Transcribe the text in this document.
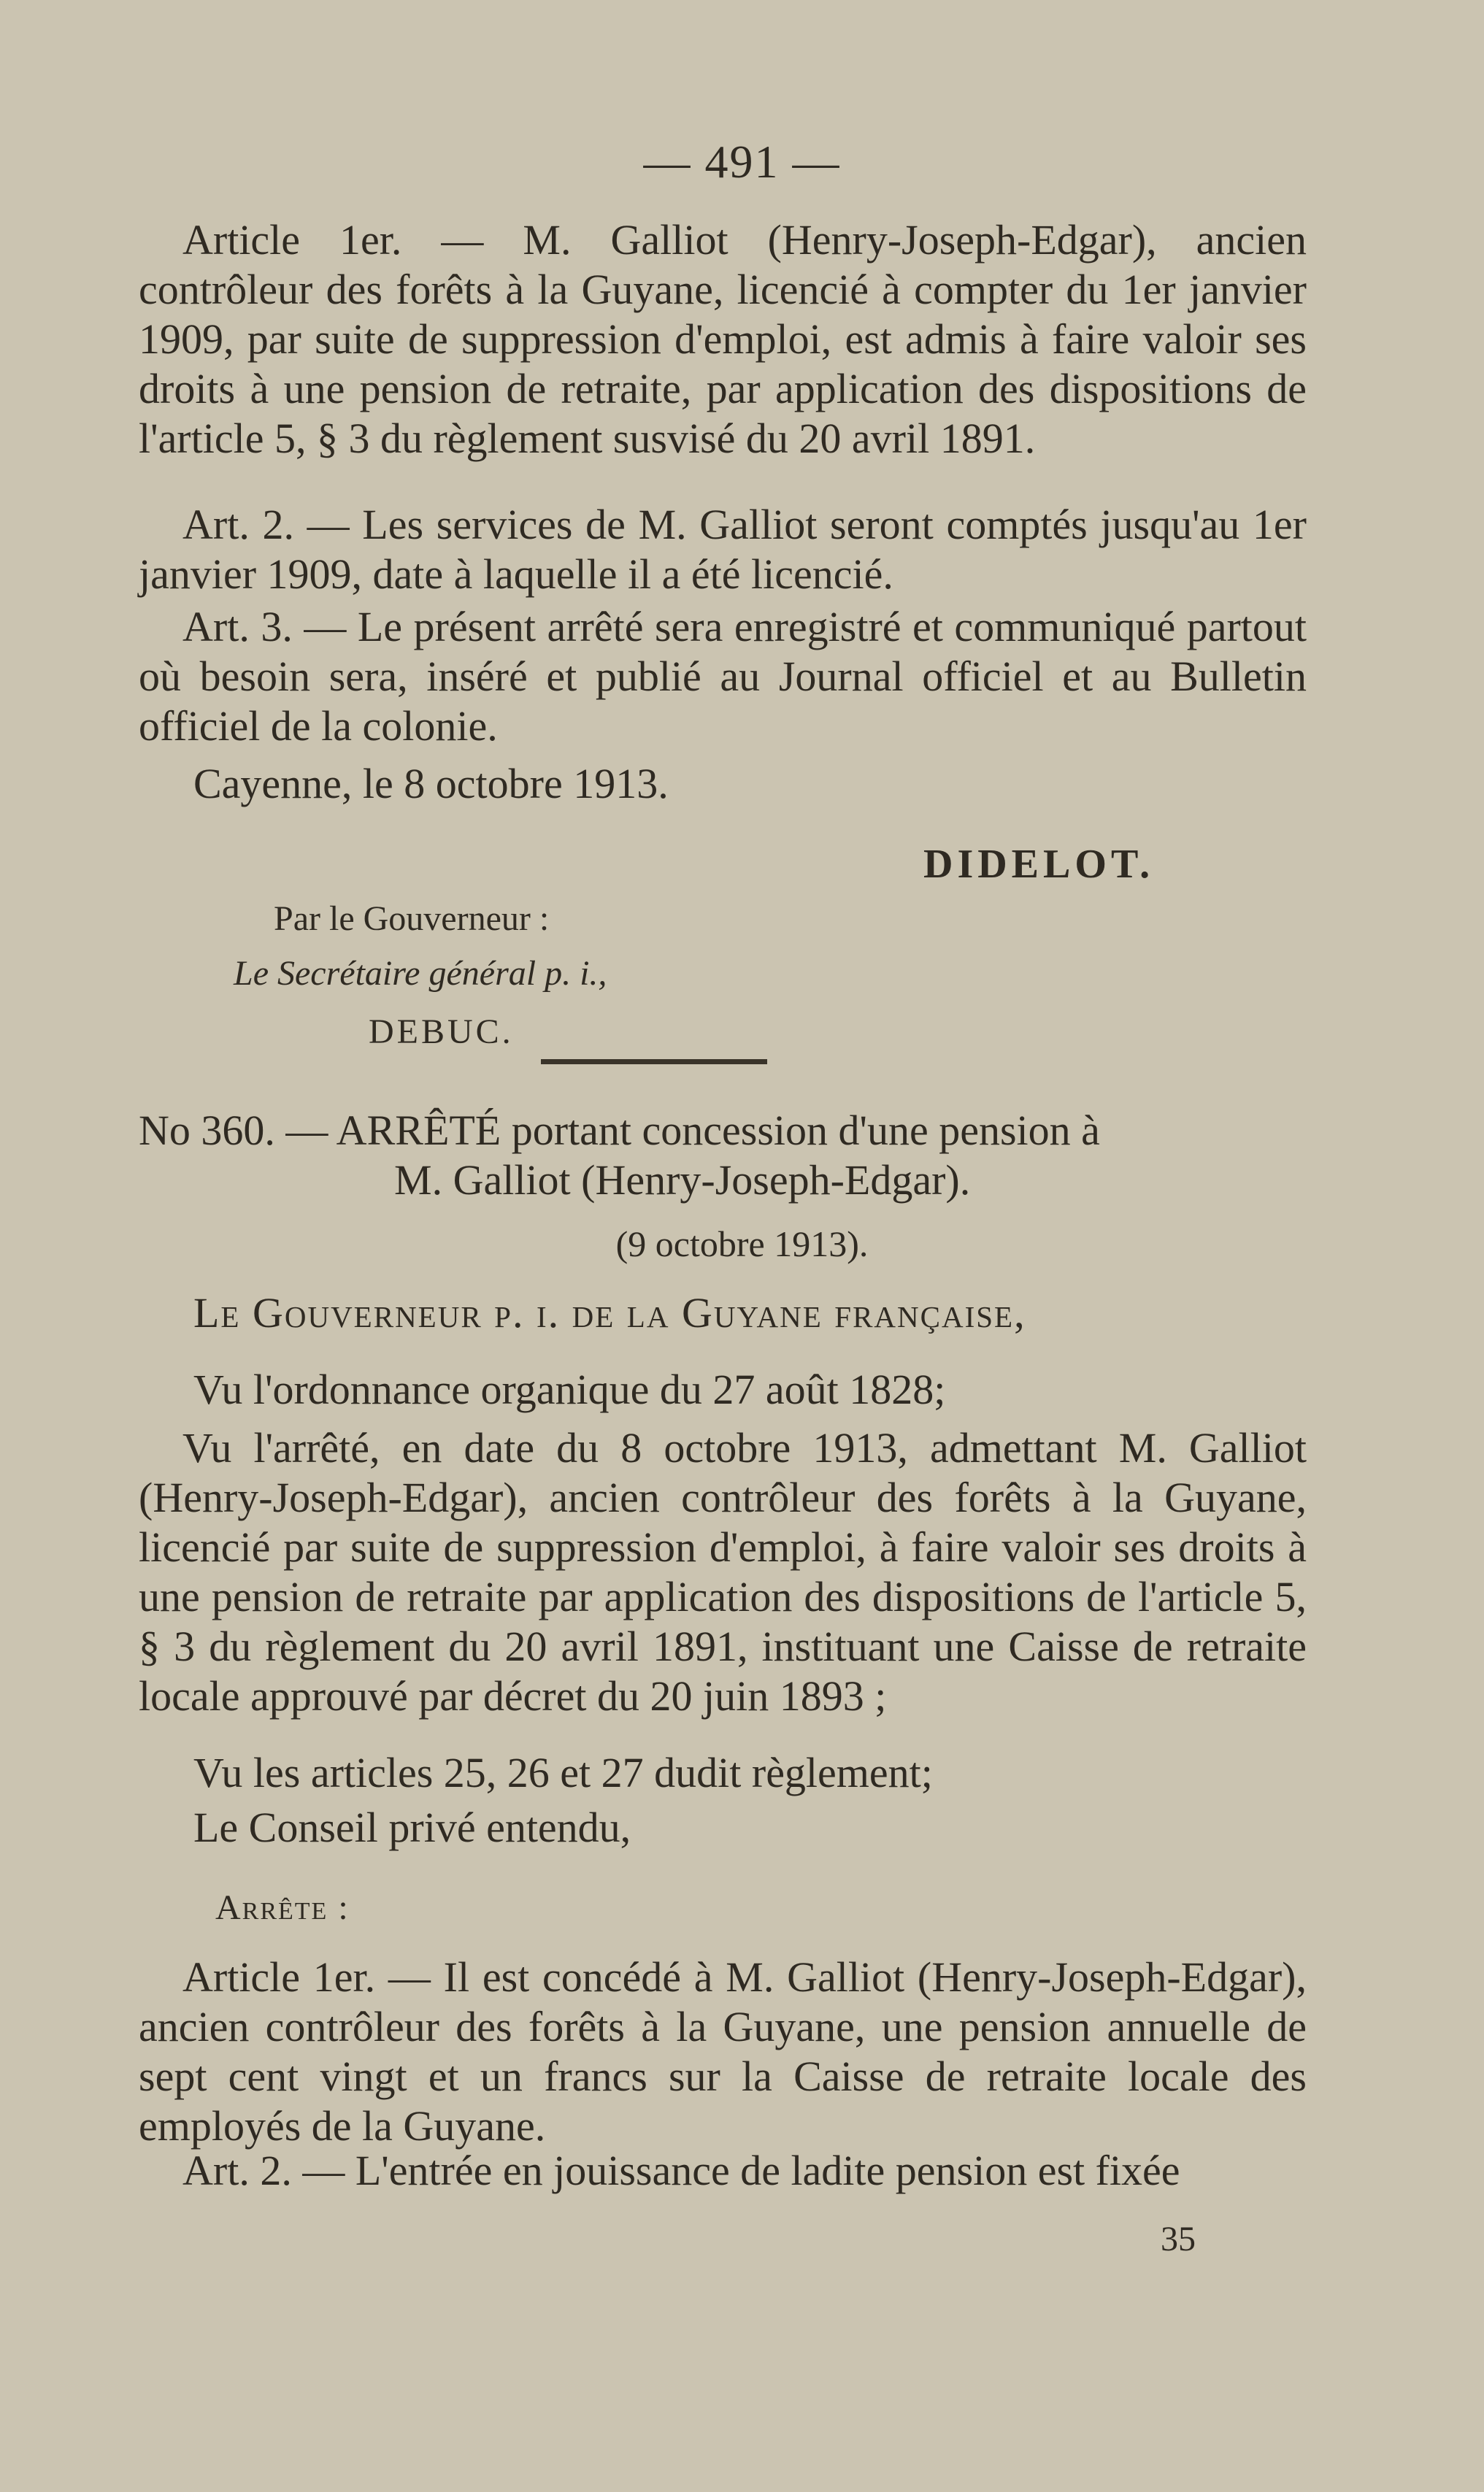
— 491 —

Article 1er. — M. Galliot (Henry-Joseph-Edgar), ancien contrôleur des forêts à la Guyane, licencié à compter du 1er janvier 1909, par suite de suppression d'emploi, est admis à faire valoir ses droits à une pension de retraite, par application des dispositions de l'article 5, § 3 du règlement susvisé du 20 avril 1891.

Art. 2. — Les services de M. Galliot seront comptés jusqu'au 1er janvier 1909, date à laquelle il a été licencié.

Art. 3. — Le présent arrêté sera enregistré et communiqué partout où besoin sera, inséré et publié au Journal officiel et au Bulletin officiel de la colonie.

Cayenne, le 8 octobre 1913.

DIDELOT.

Par le Gouverneur :

Le Secrétaire général p. i.,

DEBUC.

No 360. — ARRÊTÉ portant concession d'une pension à

M. Galliot (Henry-Joseph-Edgar).

(9 octobre 1913).

Le Gouverneur p. i. de la Guyane française,

Vu l'ordonnance organique du 27 août 1828;

Vu l'arrêté, en date du 8 octobre 1913, admettant M. Galliot (Henry-Joseph-Edgar), ancien contrôleur des forêts à la Guyane, licencié par suite de suppression d'emploi, à faire valoir ses droits à une pension de retraite par application des dispositions de l'article 5, § 3 du règlement du 20 avril 1891, instituant une Caisse de retraite locale approuvé par décret du 20 juin 1893 ;

Vu les articles 25, 26 et 27 dudit règlement;

Le Conseil privé entendu,

Arrête :

Article 1er. — Il est concédé à M. Galliot (Henry-Joseph-Edgar), ancien contrôleur des forêts à la Guyane, une pension annuelle de sept cent vingt et un francs sur la Caisse de retraite locale des employés de la Guyane.

Art. 2. — L'entrée en jouissance de ladite pension est fixée

35
